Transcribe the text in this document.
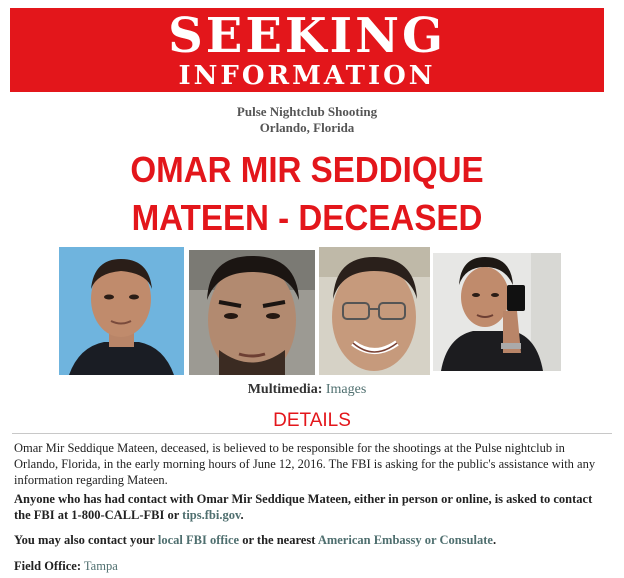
SEEKING
INFORMATION
Pulse Nightclub Shooting
Orlando, Florida
OMAR MIR SEDDIQUE
MATEEN - DECEASED
Multimedia: Images
DETAILS
Omar Mir Seddique Mateen, deceased, is believed to be responsible for the shootings at the Pulse nightclub in Orlando, Florida, in the early morning hours of June 12, 2016. The FBI is asking for the public's assistance with any information regarding Mateen.
Anyone who has had contact with Omar Mir Seddique Mateen, either in person or online, is asked to contact the FBI at 1-800-CALL-FBI or tips.fbi.gov.
You may also contact your local FBI office or the nearest American Embassy or Consulate.
Field Office: Tampa
